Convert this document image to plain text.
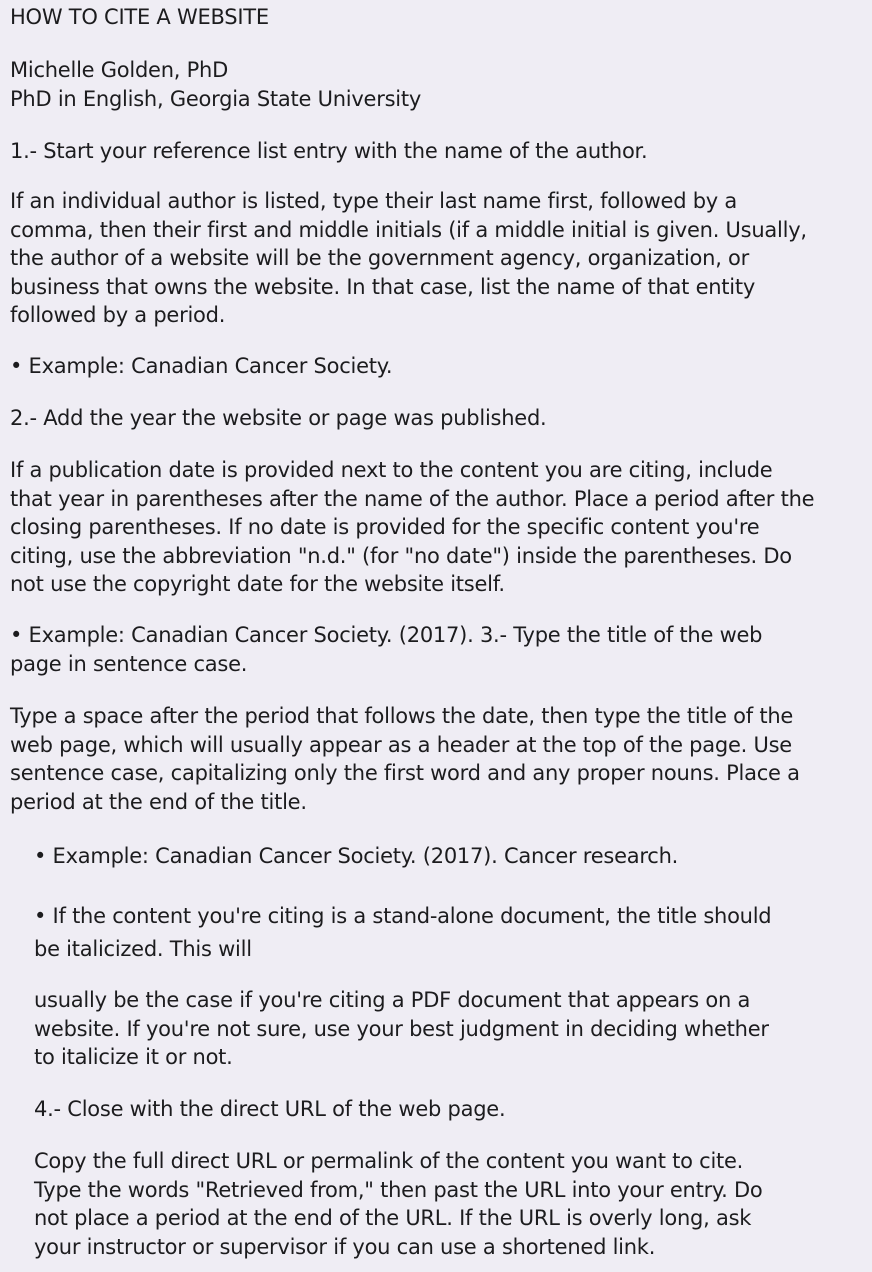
HOW TO CITE A WEBSITE

Michelle Golden, PhD
PhD in English, Georgia State University

1.- Start your reference list entry with the name of the author.

If an individual author is listed, type their last name first, followed by a
comma, then their first and middle initials (if a middle initial is given. Usually,
the author of a website will be the government agency, organization, or
business that owns the website. In that case, list the name of that entity
followed by a period.

• Example: Canadian Cancer Society.

2.- Add the year the website or page was published.

If a publication date is provided next to the content you are citing, include
that year in parentheses after the name of the author. Place a period after the
closing parentheses. If no date is provided for the specific content you're
citing, use the abbreviation "n.d." (for "no date") inside the parentheses. Do
not use the copyright date for the website itself.
• Example: Canadian Cancer Society. (2017). 3.- Type the title of the web
page in sentence case.
Type a space after the period that follows the date, then type the title of the
web page, which will usually appear as a header at the top of the page. Use
sentence case, capitalizing only the first word and any proper nouns. Place a
period at the end of the title.

• Example: Canadian Cancer Society. (2017). Cancer research.

• If the content you're citing is a stand-alone document, the title should
be italicized. This will
usually be the case if you're citing a PDF document that appears on a
website. If you're not sure, use your best judgment in deciding whether
to italicize it or not.

4.- Close with the direct URL of the web page.

Copy the full direct URL or permalink of the content you want to cite.
Type the words "Retrieved from," then past the URL into your entry. Do
not place a period at the end of the URL. If the URL is overly long, ask
your instructor or supervisor if you can use a shortened link.
